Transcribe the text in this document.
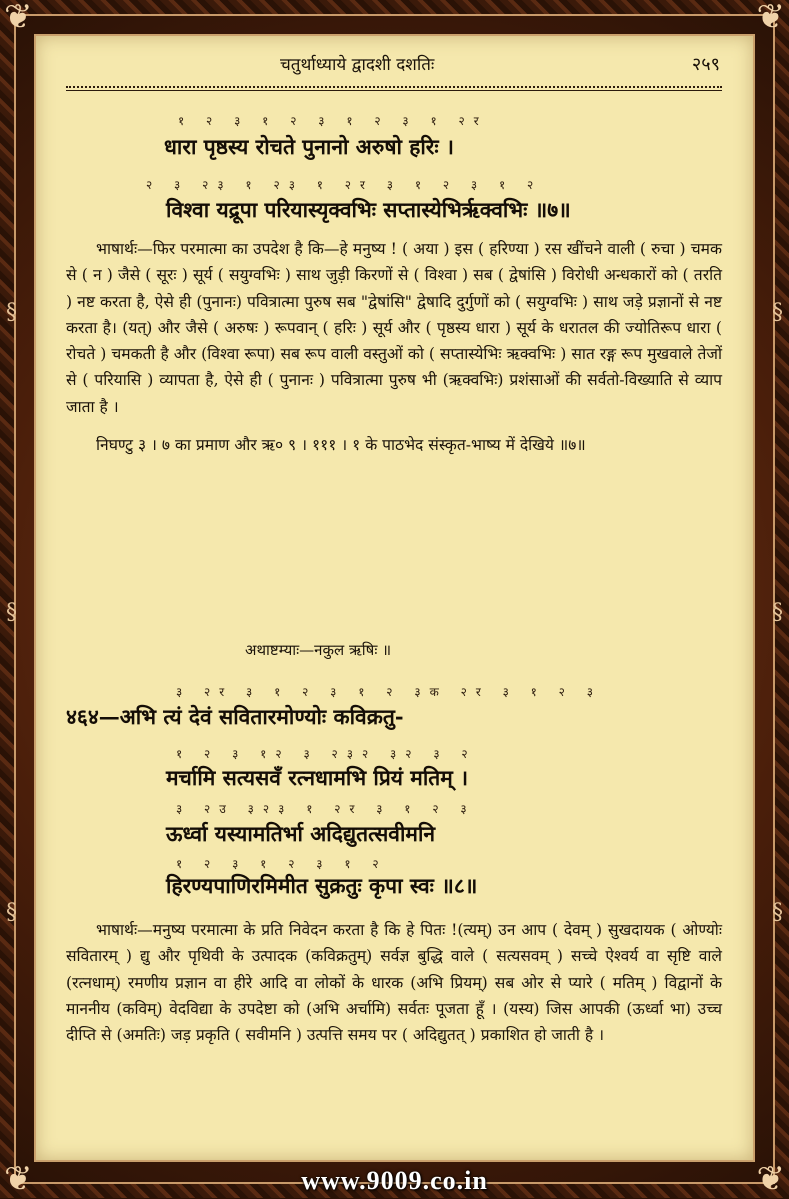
❦	❦
❦	❦
§
§
§
§
§
§
चतुर्थाध्याये द्वादशी दशतिः	२५९
१ २ ३ १ २ ३ १ २ ३ १ २र
धारा पृष्ठस्य रोचते पुनानो अरुषो हरिः ।
२ ३ २३ १ २३ १ २र ३ १ २ ३ १ २
विश्वा यद्रूपा परियास्यृक्वभिः सप्तास्येभिर्ऋक्वभिः ॥७॥

भाषार्थः—फिर परमात्मा का उपदेश है कि—हे मनुष्य ! ( अया ) इस ( हरिण्या ) रस खींचने वाली ( रुचा ) चमक से ( न ) जैसे ( सूरः ) सूर्य ( सयुग्वभिः ) साथ जुड़ी किरणों से ( विश्वा ) सब ( द्वेषांसि ) विरोधी अन्धकारों को ( तरति ) नष्ट करता है, ऐसे ही (पुनानः) पवित्रात्मा पुरुष सब "द्वेषांसि" द्वेषादि दुर्गुणों को ( सयुग्वभिः ) साथ जड़े प्रज्ञानों से नष्ट करता है। (यत्) और जैसे ( अरुषः ) रूपवान् ( हरिः ) सूर्य और ( पृष्ठस्य धारा ) सूर्य के धरातल की ज्योतिरूप धारा ( रोचते ) चमकती है और (विश्वा रूपा) सब रूप वाली वस्तुओं को ( सप्तास्येभिः ऋक्वभिः ) सात रङ्ग रूप मुखवाले तेजों से ( परियासि ) व्यापता है, ऐसे ही ( पुनानः ) पवित्रात्मा पुरुष भी (ऋक्वभिः) प्रशंसाओं की सर्वतो-विख्याति से व्याप जाता है ।

निघण्टु ३ । ७ का प्रमाण और ऋ० ९ । १११ । १ के पाठभेद संस्कृत-भाष्य में देखिये ॥७॥

अथाष्टम्याः—नकुल ऋषिः ॥
३ २र ३ १ २ ३ १ २ ३क २र ३ १ २ ३
४६४—अभि त्यं देवं सवितारमोण्योः कविक्रतु-
१ २ ३ १२ ३ २३२ ३२ ३ २
मर्चामि सत्यसवँ रत्नधामभि प्रियं मतिम् ।
३ २उ ३२३ १ २र ३ १ २ ३
ऊर्ध्वा यस्यामतिर्भा अदिद्युतत्सवीमनि
१ २ ३ १ २ ३ १ २
हिरण्यपाणिरमिमीत सुक्रतुः कृपा स्वः ॥८॥

भाषार्थः—मनुष्य परमात्मा के प्रति निवेदन करता है कि हे पितः !(त्यम्) उन आप ( देवम् ) सुखदायक ( ओण्योः सवितारम् ) द्यु और पृथिवी के उत्पादक (कविक्रतुम्) सर्वज्ञ बुद्धि वाले ( सत्यसवम् ) सच्चे ऐश्वर्य वा सृष्टि वाले (रत्नधाम्) रमणीय प्रज्ञान वा हीरे आदि वा लोकों के धारक (अभि प्रियम्) सब ओर से प्यारे ( मतिम् ) विद्वानों के माननीय (कविम्) वेदविद्या के उपदेष्टा को (अभि अर्चामि) सर्वतः पूजता हूँ । (यस्य) जिस आपकी (ऊर्ध्वा भा) उच्च दीप्ति से (अमतिः) जड़ प्रकृति ( सवीमनि ) उत्पत्ति समय पर ( अदिद्युतत् ) प्रकाशित हो जाती है ।

www.9009.co.in
